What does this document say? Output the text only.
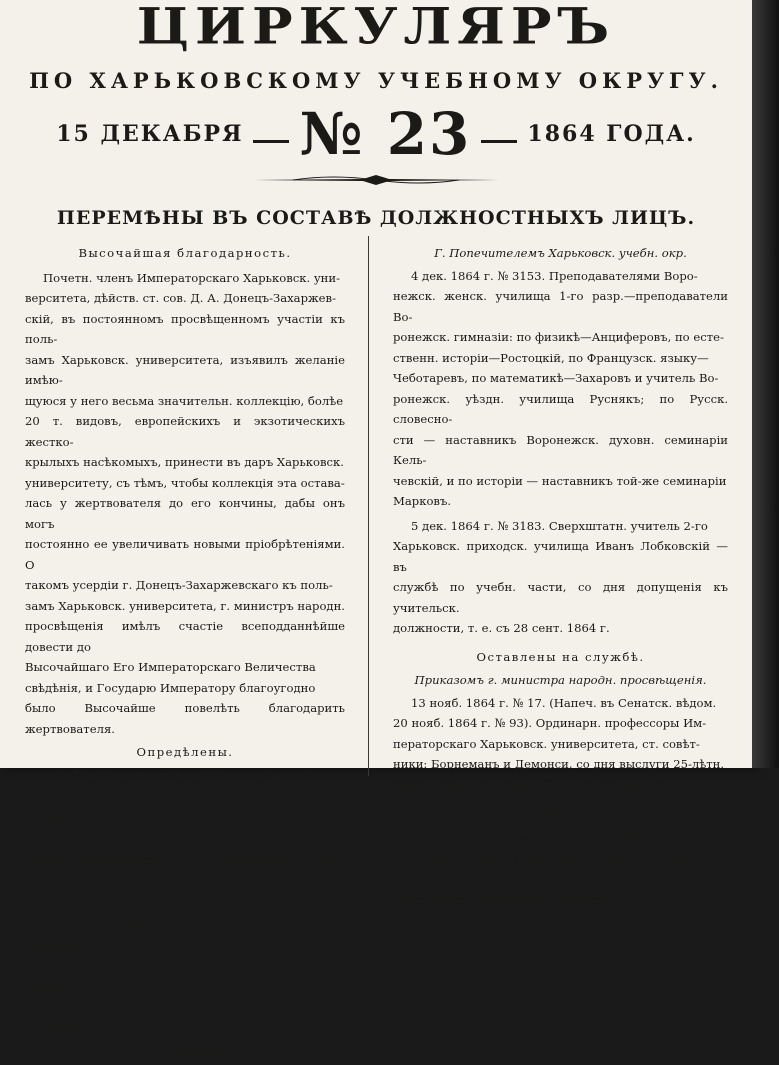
ЦИРКУЛЯРЪ
ПО ХАРЬКОВСКОМУ УЧЕБНОМУ ОКРУГУ.
15 ДЕКАБРЯ № 23	1864 ГОДА.
ПЕРЕМѢНЫ ВЪ СОСТАВѢ ДОЛЖНОСТНЫХЪ ЛИЦЪ.

Высочайшая благодарность.

Почетн. членъ Императорскаго Харьковск. уни-
верситета, дѣйств. ст. сов. Д. А. Донецъ-Захаржев-
скій, въ постоянномъ просвѣщенномъ участіи къ поль-
замъ Харьковск. университета, изъявилъ желаніе имѣю-
щуюся у него весьма значительн. коллекцію, болѣе
20 т. видовъ, европейскихъ и экзотическихъ жестко-
крылыхъ насѣкомыхъ, принести въ даръ Харьковск.
университету, съ тѣмъ, чтобы коллекція эта остава-
лась у жертвователя до его кончины, дабы онъ могъ
постоянно ее увеличивать новыми пріобрѣтеніями. О
такомъ усердіи г. Донецъ-Захаржевскаго къ поль-
замъ Харьковск. университета, г. министръ народн.
просвѣщенія имѣлъ счастіе всеподданнѣйше довести до
Высочайшаго Его Императорскаго Величества
свѣдѣнія, и Государю Императору благоугодно
было Высочайше повелѣть благодарить жертвователя.

Опредѣлены.

Г. Попечителемъ Харьковск. учебн. окр.

7 дек. 1864 г. № 3195. Учитель ариѳм. и геомет-
ріи Рыльск. уѣздн. училища, тит. сов. Постовъ —
штатн. смотрителемъ въ Грайворонск. уѣздн. училище.

Г. Директоромъ училищъ Воронежск. губерн.

26 нояб. 1864 г. Удостоенн. званія учителя приходск.
училища, изъ оберъ-офицерск. дѣтей, Михаилъ Гонор-
скій — втор. учителемъ въ Павловск. приходск. училище.

Утверждены.

Г. Попечителемъ Харьковск. учебн. окр.

4 дек. 1864 г. № 3153. Преподавателями Воро-
нежск. женск. училища 1-го разр.—преподаватели Во-
ронежск. гимназіи: по физикѣ—Анциферовъ, по есте-
ственн. исторіи—Ростоцкій, по Французск. языку—
Чеботаревъ, по математикѣ—Захаровъ и учитель Во-
ронежск. уѣздн. училища Руснякъ; по Русск. словесно-
сти — наставникъ Воронежск. духовн. семинаріи Кель-
чевскій, и по исторіи — наставникъ той-же семинаріи
Марковъ.
5 дек. 1864 г. № 3183. Сверхштатн. учитель 2-го
Харьковск. приходск. училища Иванъ Лобковскій — въ
службѣ по учебн. части, со дня допущенія къ учительск.
должности, т. е. съ 28 сент. 1864 г.

Оставлены на службѣ.

Приказомъ г. министра народн. просвѣщенія.

13 нояб. 1864 г. № 17. (Напеч. въ Сенатск. вѣдом.
20 нояб. 1864 г. № 93). Ординарн. профессоры Им-
ператорскаго Харьковск. университета, ст. совѣт-
ники: Борнеманъ и Демонси, со дня выслуги 25-лѣтн.
срока, перв. по 9 іюня 1868 г., а послѣдн. на 5 лѣтъ.

Назначены пенсіи.

Г. Министромъ Народн. Просвѣщенія.

17 нояб. 1864 г. № 9855. 1. Уволенн. отъ служ-
бы, согласно прошенію, заслуженн. профессору Им-
ператорскаго Харьковск. университета, дѣйств. ст.
